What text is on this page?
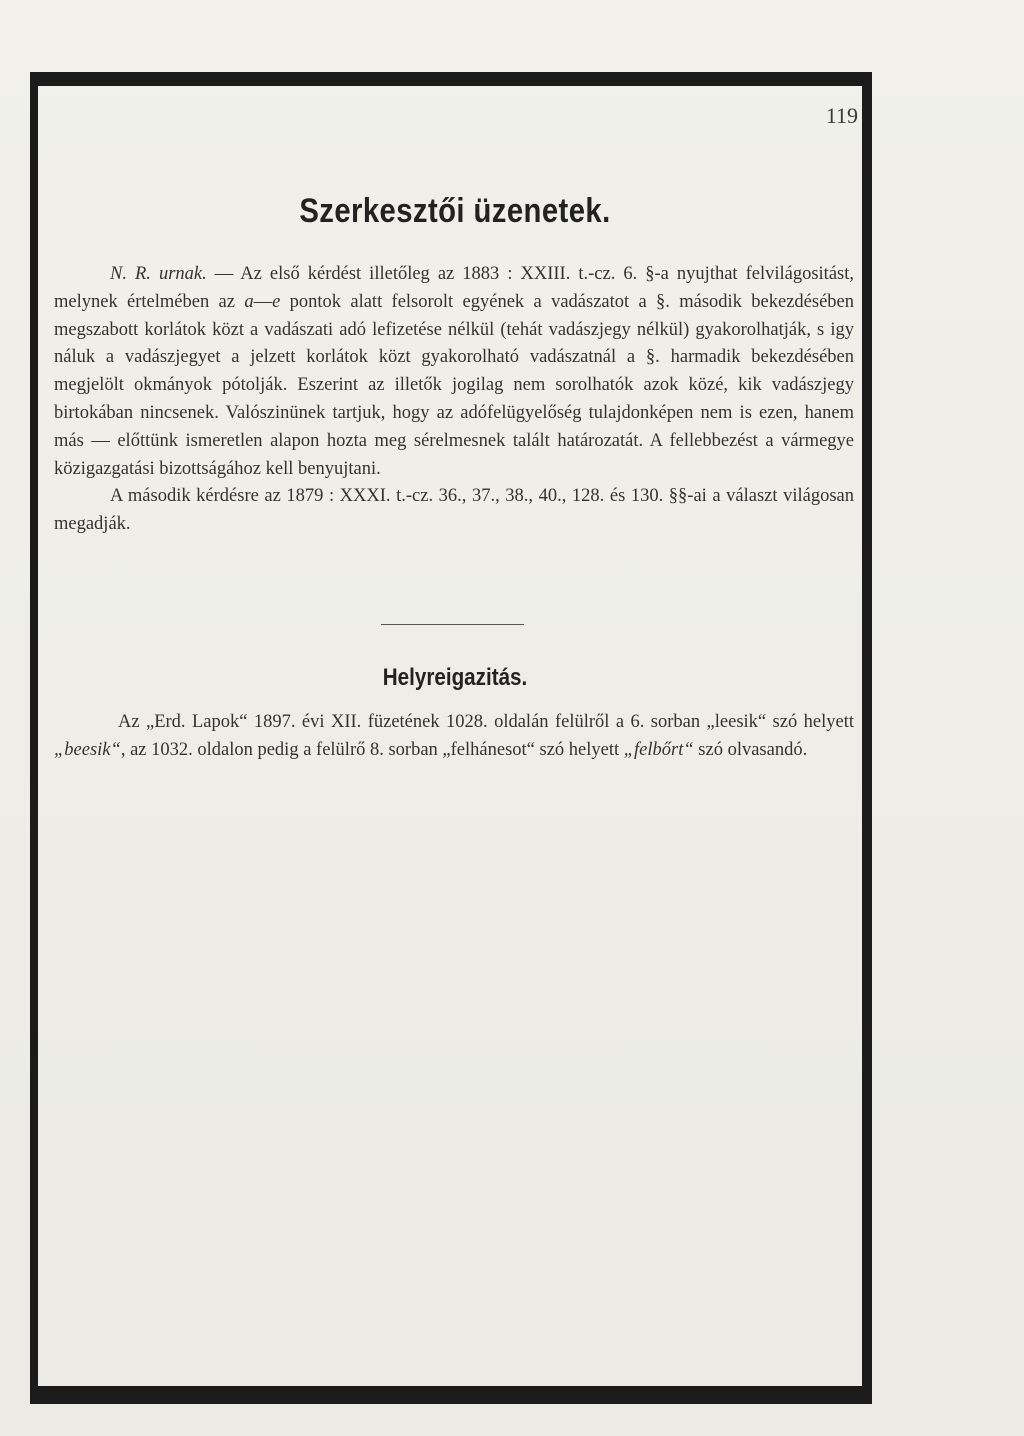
119
Szerkesztői üzenetek.

N. R. urnak. — Az első kérdést illetőleg az 1883 : XXIII. t.-cz. 6. §-a nyujthat felvilágositást, melynek értelmében az a—e pontok alatt felsorolt egyének a vadászatot a §. második bekezdésében megszabott korlátok közt a vadászati adó lefizetése nélkül (tehát vadászjegy nélkül) gyakorolhatják, s igy náluk a vadászjegyet a jelzett korlátok közt gyakorolható vadászatnál a §. harmadik bekezdésében megjelölt okmányok pótolják. Eszerint az illetők jogilag nem sorolhatók azok közé, kik vadászjegy birtokában nincsenek. Valószinünek tartjuk, hogy az adófelügyelőség tulajdonképen nem is ezen, hanem más — előttünk ismeretlen alapon hozta meg sérelmesnek talált határozatát. A fellebbezést a vármegye közigazgatási bizottságához kell benyujtani.

A második kérdésre az 1879 : XXXI. t.-cz. 36., 37., 38., 40., 128. és 130. §§-ai a választ világosan megadják.

Helyreigazitás.

Az „Erd. Lapok“ 1897. évi XII. füzetének 1028. oldalán felülről a 6. sorban „leesik“ szó helyett „beesik“, az 1032. oldalon pedig a felülrő 8. sorban „felhánesot“ szó helyett „felbőrt“ szó olvasandó.
